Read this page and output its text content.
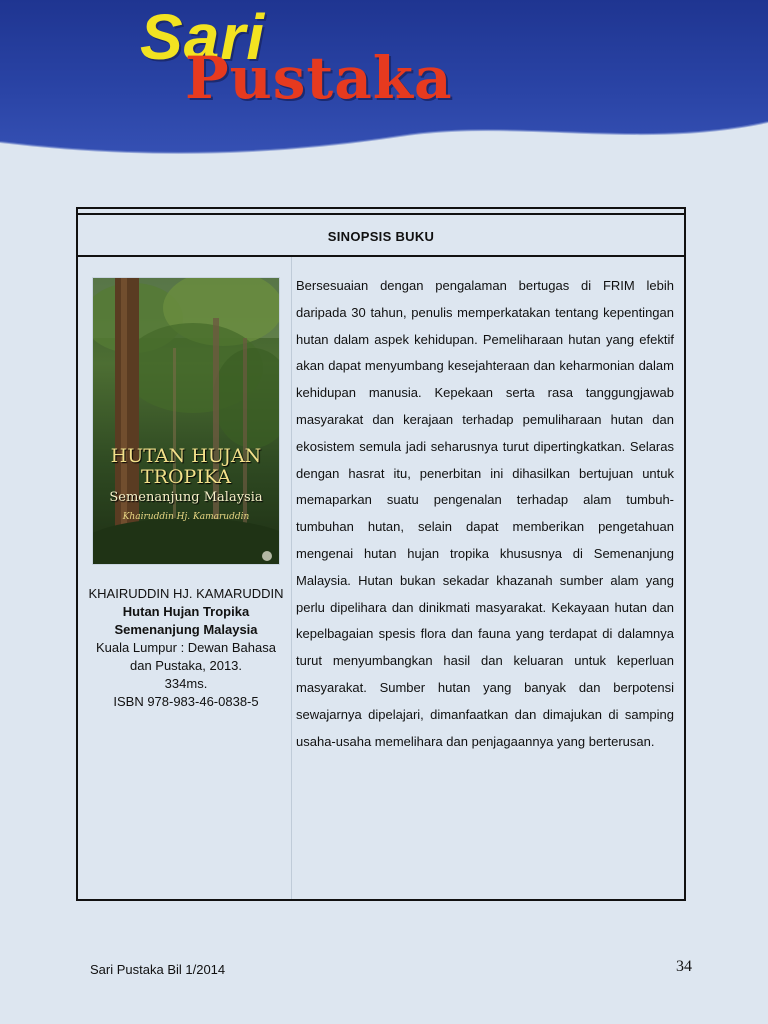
Sari
Pustaka
SINOPSIS BUKU
HUTAN HUJAN TROPIKA
Semenanjung Malaysia
Khairuddin Hj. Kamaruddin
KHAIRUDDIN HJ. KAMARUDDIN
Hutan Hujan Tropika Semenanjung Malaysia
Kuala Lumpur : Dewan Bahasa dan Pustaka, 2013.
334ms.
ISBN 978-983-46-0838-5
Bersesuaian dengan pengalaman bertugas di FRIM lebih daripada 30 tahun, penulis memperkatakan tentang kepentingan hutan dalam aspek kehidupan. Pemeliharaan hutan yang efektif akan dapat menyumbang kesejahteraan dan keharmonian dalam kehidupan manusia. Kepekaan serta rasa tanggungjawab masyarakat dan kerajaan terhadap pemuliharaan hutan dan ekosistem semula jadi seharusnya turut dipertingkatkan. Selaras dengan hasrat itu, penerbitan ini dihasilkan bertujuan untuk memaparkan suatu pengenalan terhadap alam tumbuh-tumbuhan hutan, selain dapat memberikan pengetahuan mengenai hutan hujan tropika khususnya di Semenanjung Malaysia. Hutan bukan sekadar khazanah sumber alam yang perlu dipelihara dan dinikmati masyarakat. Kekayaan hutan dan kepelbagaian spesis flora dan fauna yang terdapat di dalamnya turut menyumbangkan hasil dan keluaran untuk keperluan masyarakat. Sumber hutan yang banyak dan berpotensi sewajarnya dipelajari, dimanfaatkan dan dimajukan di samping usaha-usaha memelihara dan penjagaannya yang berterusan.
Sari Pustaka Bil 1/2014	34
